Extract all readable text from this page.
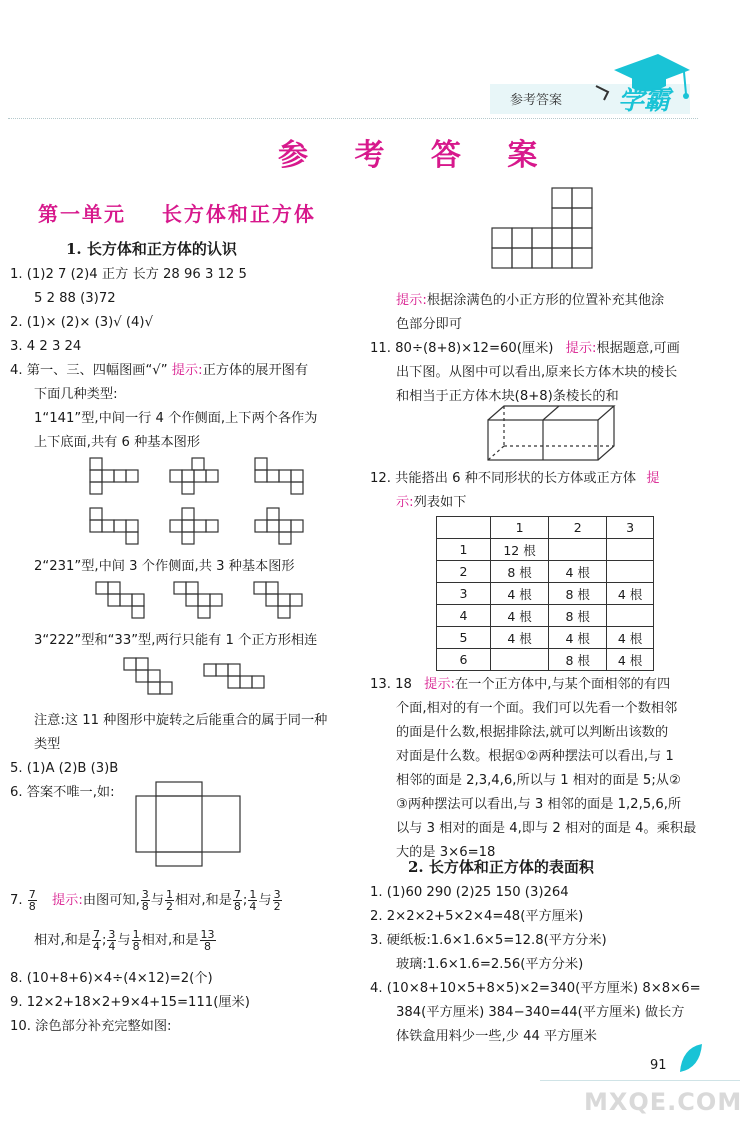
参考答案 学霸
参 考 答 案
第一单元    长方体和正方体
1. 长方体和正方体的认识
1. (1)2 7 (2)4 正方 长方 28 96 3 12 5
5 2 88 (3)72
2. (1)× (2)× (3)√ (4)√
3. 4 2 3 24
4. 第一、三、四幅图画“√” 提示:正方体的展开图有
下面几种类型:
1“141”型,中间一行 4 个作侧面,上下两个各作为
上下底面,共有 6 种基本图形
2“231”型,中间 3 个作侧面,共 3 种基本图形
3“222”型和“33”型,两行只能有 1 个正方形相连
注意:这 11 种图形中旋转之后能重合的属于同一种
类型
5. (1)A (2)B (3)B
6. 答案不唯一,如:
7. $\frac{7}{8}$ 提示:由图可知, $\frac{3}{8}$ 与 $\frac{1}{2}$ 相对,和是 $\frac{7}{8}$ ; $\frac{1}{4}$ 与 $\frac{3}{2}$
相对,和是 $\frac{7}{4}$ ; $\frac{3}{4}$ 与 $\frac{1}{8}$ 相对,和是 $\frac{13}{8}$
8. (10+8+6)×4÷(4×12)=2(个)
9. 12×2+18×2+9×4+15=111(厘米)
10. 涂色部分补充完整如图:
提示:根据涂满色的小正方形的位置补充其他涂
色部分即可
11. 80÷(8+8)×12=60(厘米) 提示:根据题意,可画
出下图。从图中可以看出,原来长方体木块的棱长
和相当于正方体木块(8+8)条棱长的和
12. 共能搭出 6 种不同形状的长方体或正方体 提
示:列表如下
	1	2	3
1	12 根		
2	8 根	4 根	
3	4 根	8 根	4 根
4	4 根	8 根	
5	4 根	4 根	4 根
6		8 根	4 根
13. 18 提示:在一个正方体中,与某个面相邻的有四
个面,相对的有一个面。我们可以先看一个数相邻
的面是什么数,根据排除法,就可以判断出该数的
对面是什么数。根据①②两种摆法可以看出,与 1
相邻的面是 2,3,4,6,所以与 1 相对的面是 5;从②
③两种摆法可以看出,与 3 相邻的面是 1,2,5,6,所
以与 3 相对的面是 4,即与 2 相对的面是 4。乘积最
大的是 3×6=18
2. 长方体和正方体的表面积
1. (1)60 290 (2)25 150 (3)264
2. 2×2×2+5×2×4=48(平方厘米)
3. 硬纸板:1.6×1.6×5=12.8(平方分米)
玻璃:1.6×1.6=2.56(平方分米)
4. (10×8+10×5+8×5)×2=340(平方厘米) 8×8×6=
384(平方厘米) 384−340=44(平方厘米) 做长方
体铁盒用料少一些,少 44 平方厘米
91
MXQE.COM
